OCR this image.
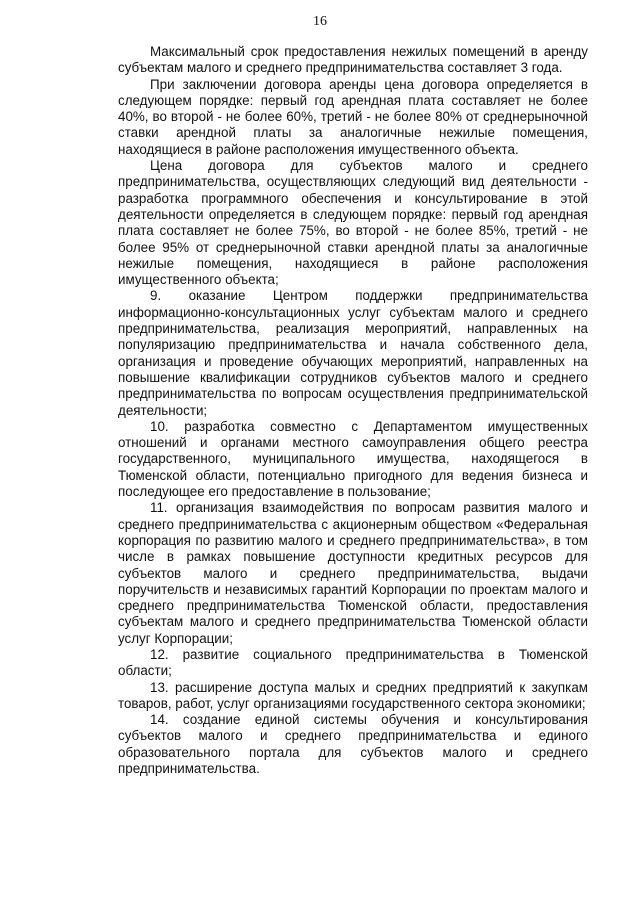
16

Максимальный срок предоставления нежилых помещений в аренду субъектам малого и среднего предпринимательства составляет 3 года.

При заключении договора аренды цена договора определяется в следующем порядке: первый год арендная плата составляет не более 40%, во второй - не более 60%, третий - не более 80% от среднерыночной ставки арендной платы за аналогичные нежилые помещения, находящиеся в районе расположения имущественного объекта.

Цена договора для субъектов малого и среднего предпринимательства, осуществляющих следующий вид деятельности - разработка программного обеспечения и консультирование в этой деятельности определяется в следующем порядке: первый год арендная плата составляет не более 75%, во второй - не более 85%, третий - не более 95% от среднерыночной ставки арендной платы за аналогичные нежилые помещения, находящиеся в районе расположения имущественного объекта;

9. оказание Центром поддержки предпринимательства информационно-консультационных услуг субъектам малого и среднего предпринимательства, реализация мероприятий, направленных на популяризацию предпринимательства и начала собственного дела, организация и проведение обучающих мероприятий, направленных на повышение квалификации сотрудников субъектов малого и среднего предпринимательства по вопросам осуществления предпринимательской деятельности;

10. разработка совместно с Департаментом имущественных отношений и органами местного самоуправления общего реестра государственного, муниципального имущества, находящегося в Тюменской области, потенциально пригодного для ведения бизнеса и последующее его предоставление в пользование;

11. организация взаимодействия по вопросам развития малого и среднего предпринимательства с акционерным обществом «Федеральная корпорация по развитию малого и среднего предпринимательства», в том числе в рамках повышение доступности кредитных ресурсов для субъектов малого и среднего предпринимательства, выдачи поручительств и независимых гарантий Корпорации по проектам малого и среднего предпринимательства Тюменской области, предоставления субъектам малого и среднего предпринимательства Тюменской области услуг Корпорации;

12. развитие социального предпринимательства в Тюменской области;

13. расширение доступа малых и средних предприятий к закупкам товаров, работ, услуг организациями государственного сектора экономики;

14. создание единой системы обучения и консультирования субъектов малого и среднего предпринимательства и единого образовательного портала для субъектов малого и среднего предпринимательства.
